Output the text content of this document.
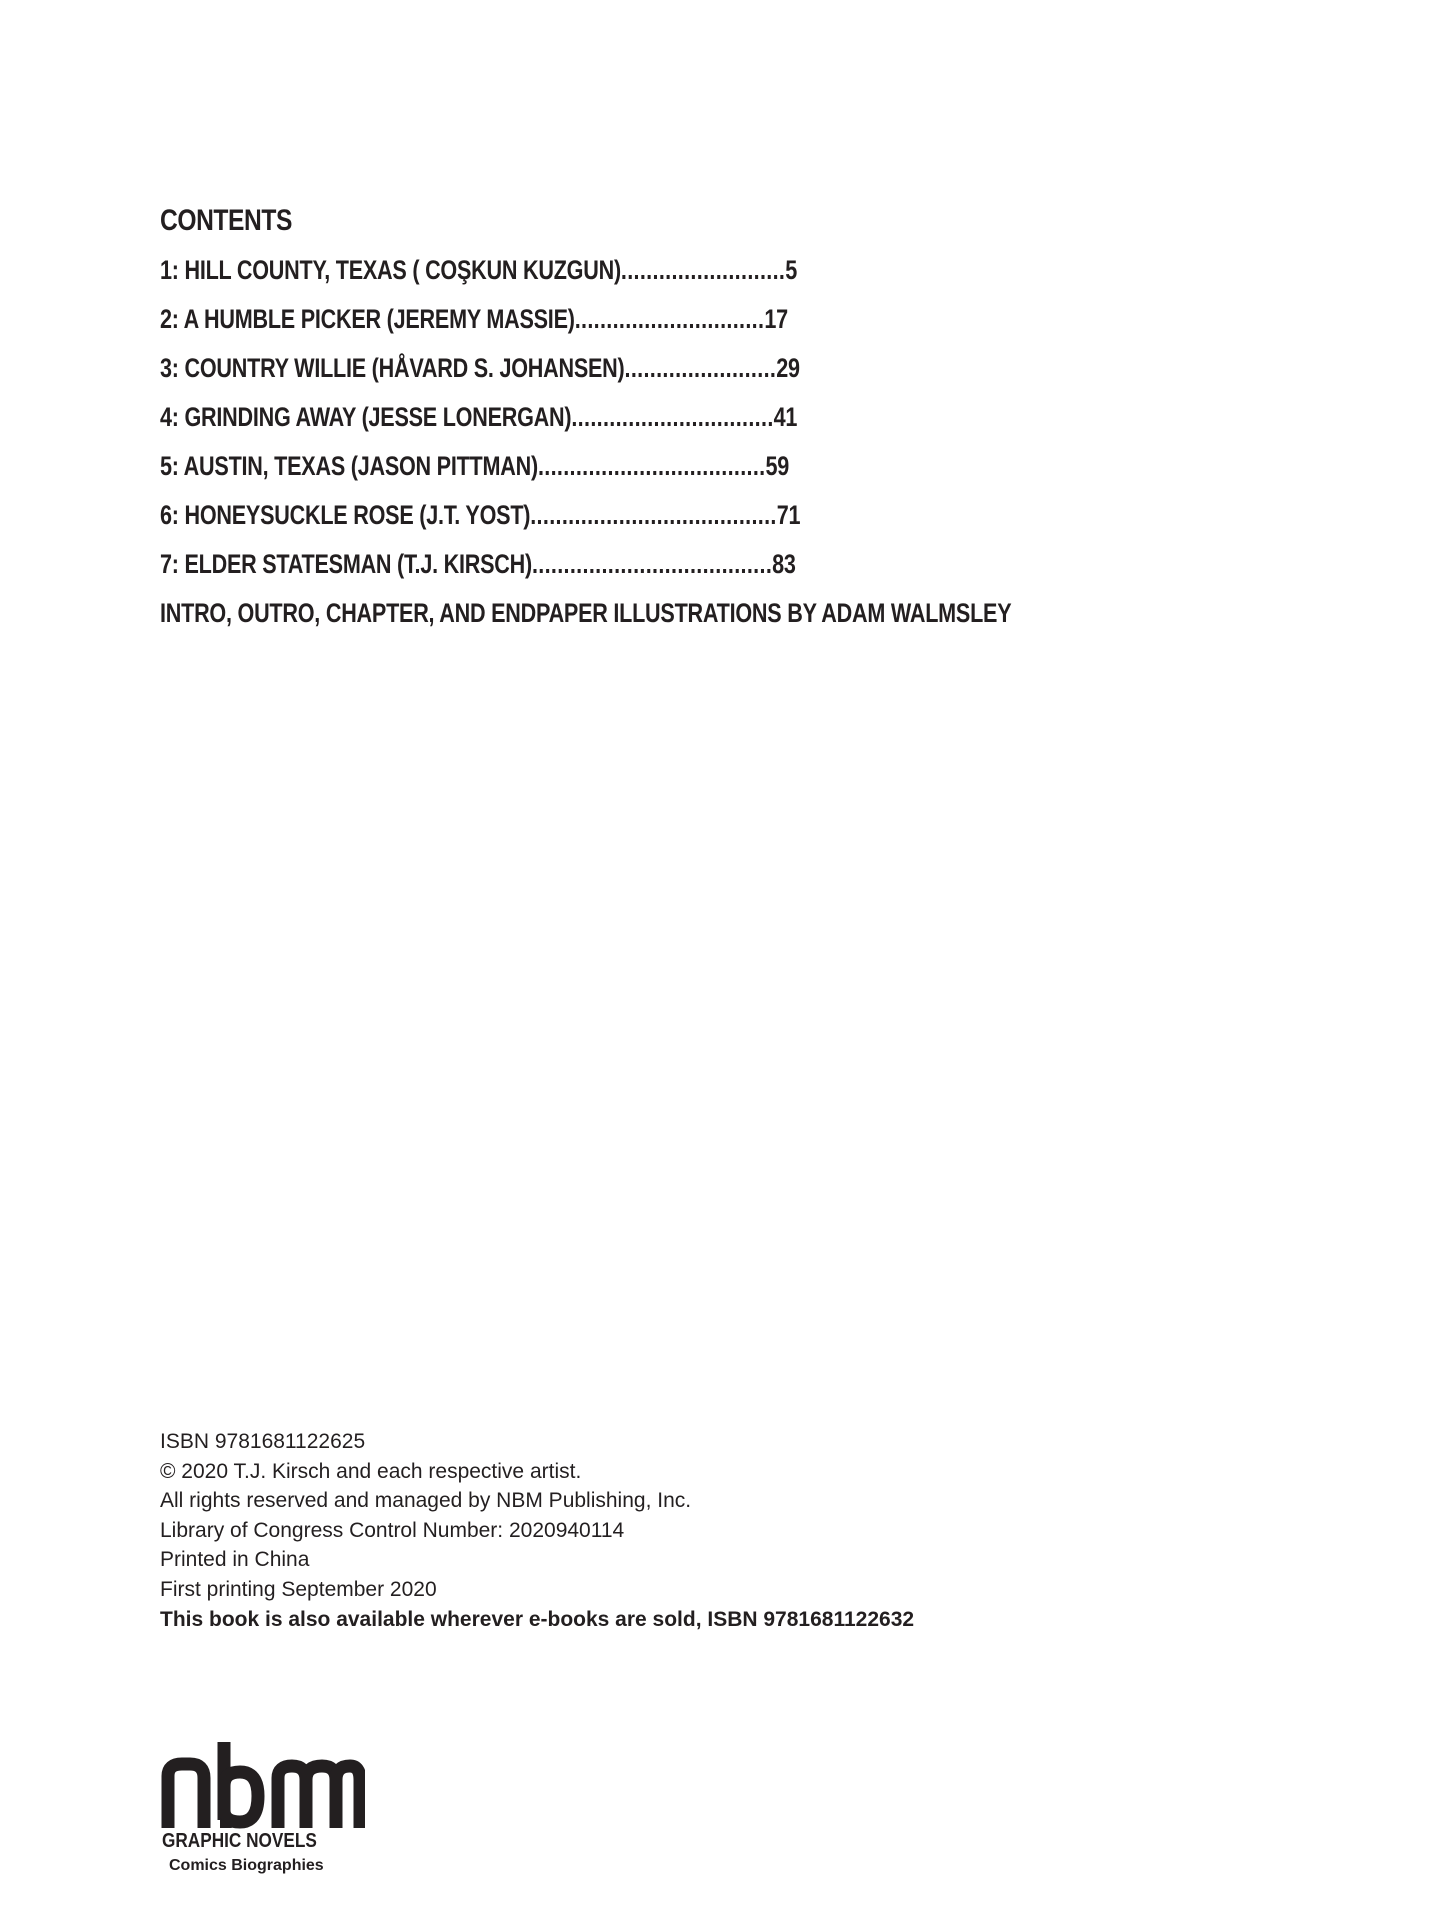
CONTENTS
1: HILL COUNTY, TEXAS ( COŞKUN KUZGUN) .......................... 5
2: A HUMBLE PICKER (JEREMY MASSIE) .............................. 17
3: COUNTRY WILLIE (HÅVARD S. JOHANSEN) ........................ 29
4: GRINDING AWAY (JESSE LONERGAN) ................................ 41
5: AUSTIN, TEXAS (JASON PITTMAN) .................................... 59
6: HONEYSUCKLE ROSE (J.T. YOST) ....................................... 71
7: ELDER STATESMAN (T.J. KIRSCH) ...................................... 83
INTRO, OUTRO, CHAPTER, AND ENDPAPER ILLUSTRATIONS BY ADAM WALMSLEY

ISBN 9781681122625

© 2020 T.J. Kirsch and each respective artist.

All rights reserved and managed by NBM Publishing, Inc.

Library of Congress Control Number: 2020940114

Printed in China

First printing September 2020

This book is also available wherever e-books are sold, ISBN 9781681122632

GRAPHIC NOVELS
Comics Biographies
